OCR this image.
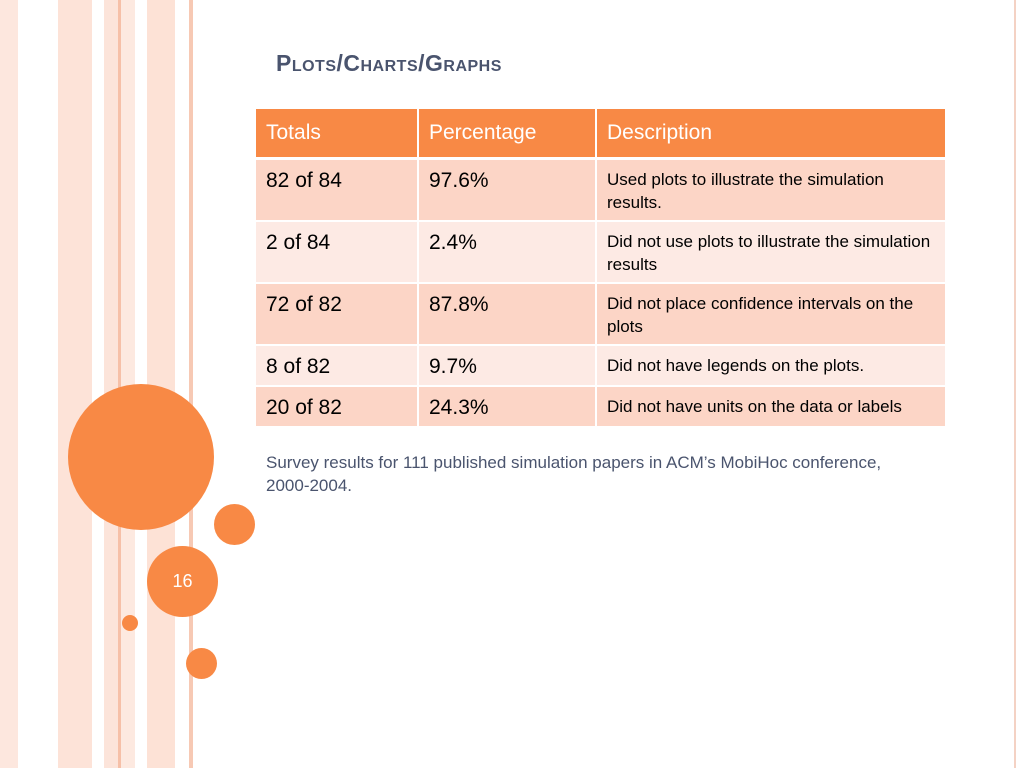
16
Plots/Charts/Graphs
Totals	Percentage	Description
82 of 84	97.6%	Used plots to illustrate the simulation results.
2 of 84	2.4%	Did not use plots to illustrate the simulation results
72 of 82	87.8%	Did not place confidence intervals on the plots
8 of 82	9.7%	Did not have legends on the plots.
20 of 82	24.3%	Did not have units on the data or labels
Survey results for 111 published simulation papers in ACM’s MobiHoc conference, 2000-2004.
